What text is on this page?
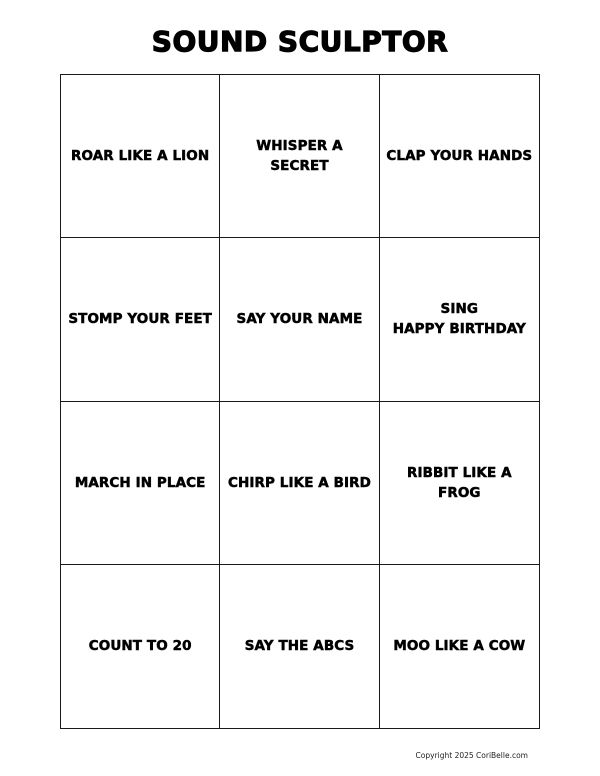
SOUND SCULPTOR
ROAR LIKE A LION
WHISPER A SECRET
CLAP YOUR HANDS
STOMP YOUR FEET SAY YOUR NAME
SING
HAPPY BIRTHDAY
MARCH IN PLACE CHIRP LIKE A BIRD
RIBBIT LIKE A FROG
COUNT TO 20	SAY THE ABCS	MOO LIKE A COW
Copyright 2025 CoriBelle.com
